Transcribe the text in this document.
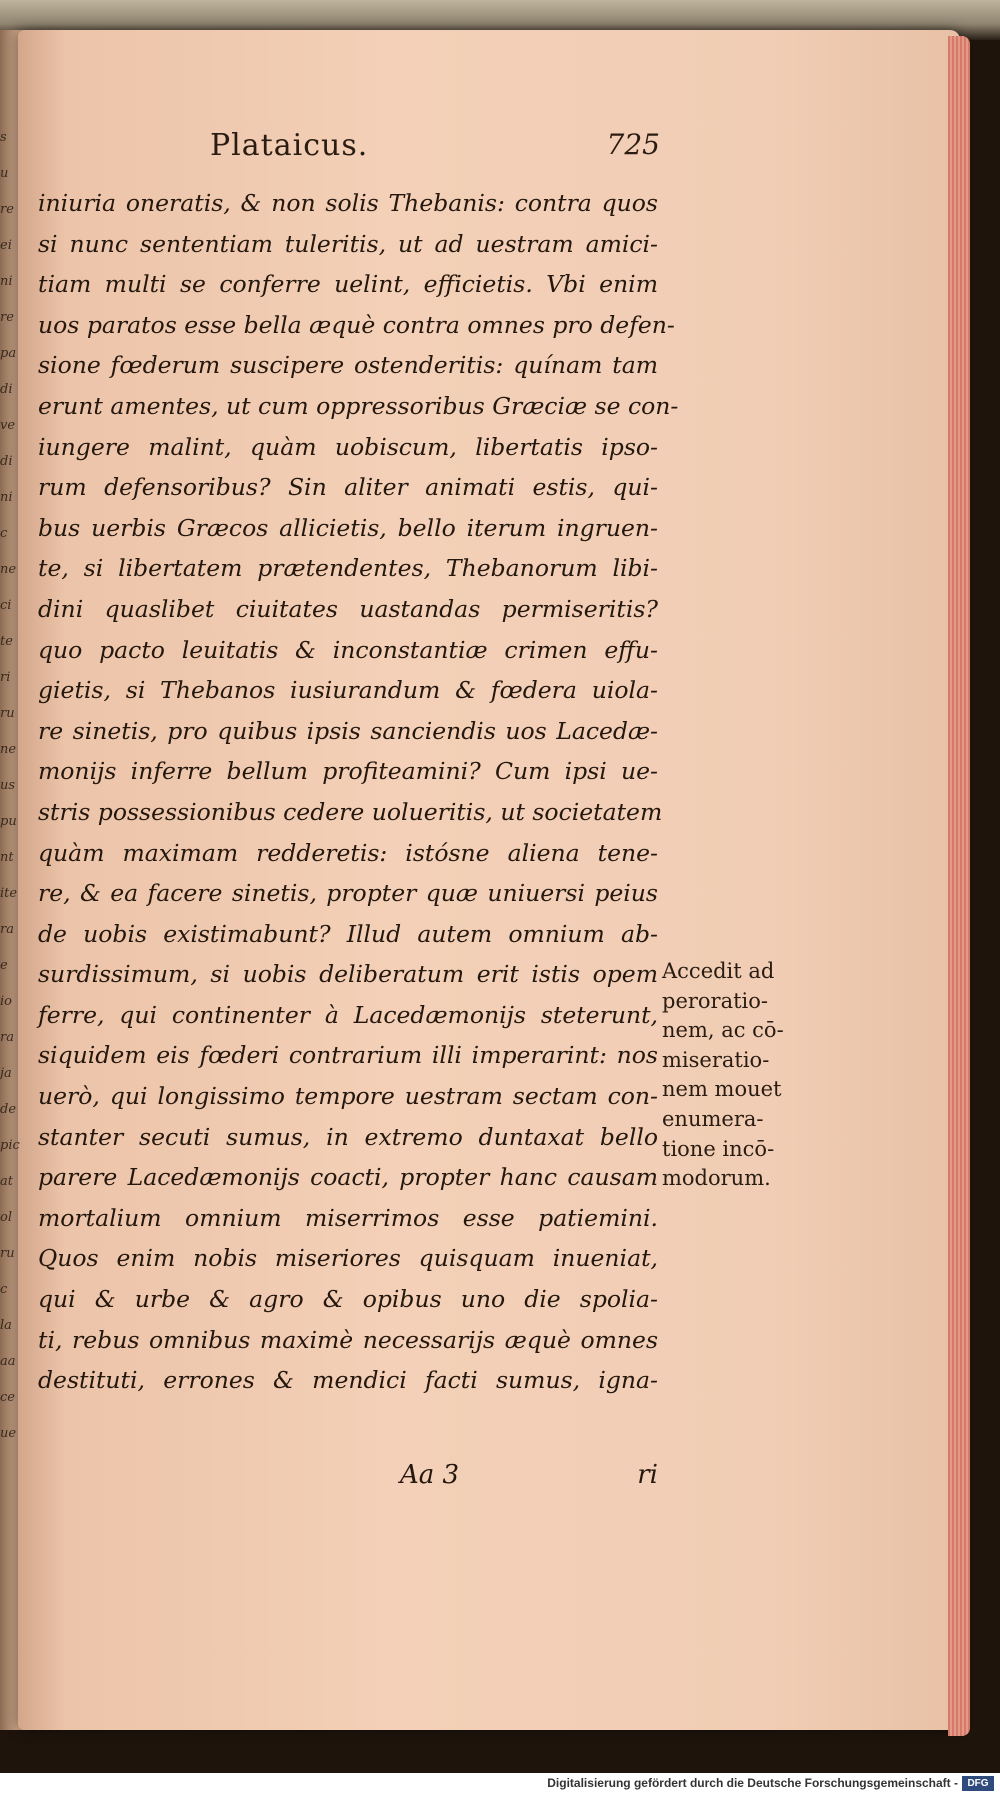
s
u
re
ei
ni
re
pa
di
ve
di
ni
c
ne
ci
te
ri
ru
ne
us
pu
nt
ite
ra
e
io
ra
ja
de
pic
at
ol
ru
c
la
aa
ce
ue
Plataicus.	725
iniuria oneratis, & non solis Thebanis: contra quos
si nunc sententiam tuleritis, ut ad uestram amici-
tiam multi se conferre uelint, efficietis. Vbi enim
uos paratos esse bella æquè contra omnes pro defen-
sione fœderum suscipere ostenderitis: quínam tam
erunt amentes, ut cum oppressoribus Græciæ se con-
iungere malint, quàm uobiscum, libertatis ipso-
rum defensoribus? Sin aliter animati estis, qui-
bus uerbis Græcos allicietis, bello iterum ingruen-
te, si libertatem prætendentes, Thebanorum libi-
dini quaslibet ciuitates uastandas permiseritis?
quo pacto leuitatis & inconstantiæ crimen effu-
gietis, si Thebanos iusiurandum & fœdera uiola-
re sinetis, pro quibus ipsis sanciendis uos Lacedæ-
monijs inferre bellum profiteamini? Cum ipsi ue-
stris possessionibus cedere uolueritis, ut societatem
quàm maximam redderetis: istósne aliena tene-
re, & ea facere sinetis, propter quæ uniuersi peius
de uobis existimabunt? Illud autem omnium ab-
surdissimum, si uobis deliberatum erit istis opem
ferre, qui continenter à Lacedæmonijs steterunt,
siquidem eis fœderi contrarium illi imperarint: nos
uerò, qui longissimo tempore uestram sectam con-
stanter secuti sumus, in extremo duntaxat bello
parere Lacedæmonijs coacti, propter hanc causam
mortalium omnium miserrimos esse patiemini.
Quos enim nobis miseriores quisquam inueniat,
qui & urbe & agro & opibus uno die spolia-
ti, rebus omnibus maximè necessarijs æquè omnes
destituti, errones & mendici facti sumus, igna-
Accedit ad
peroratio-
nem, ac cō-
miseratio-
nem mouet
enumera-
tione incō-
modorum.
Aa 3	ri
Digitalisierung gefördert durch die Deutsche Forschungsgemeinschaft - DFG
